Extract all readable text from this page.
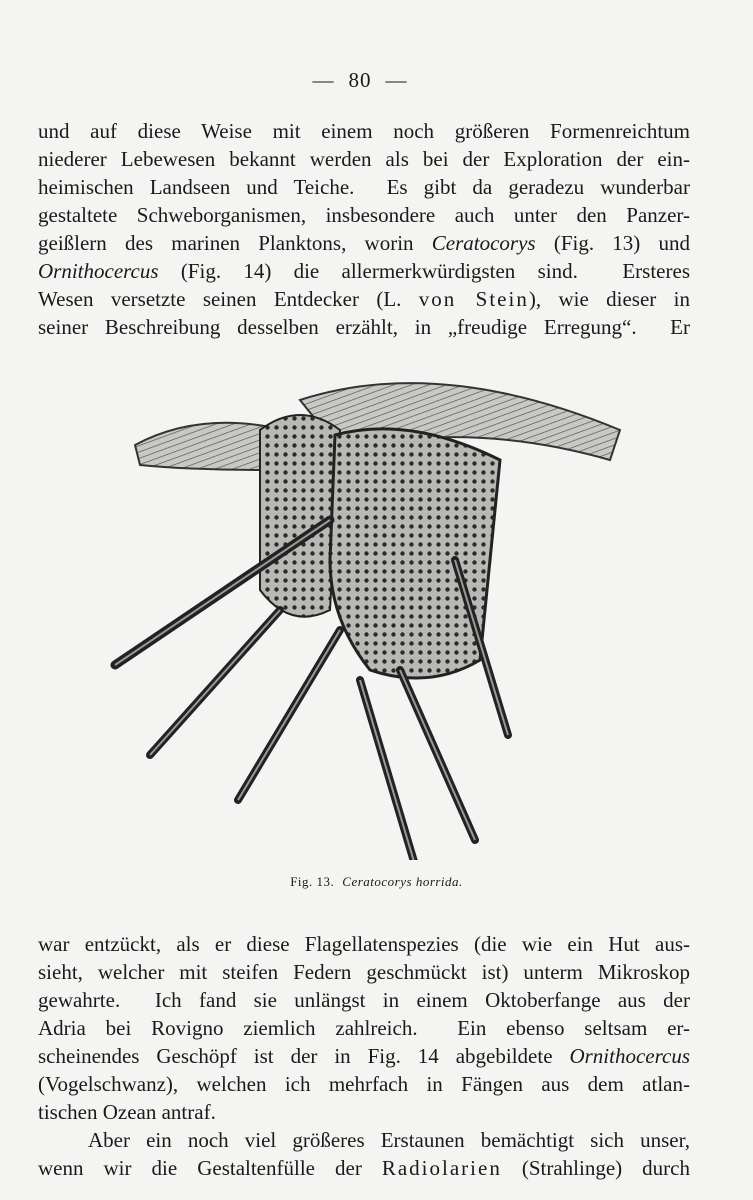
— 80 —
und auf diese Weise mit einem noch größeren Formenreichtum
niederer Lebewesen bekannt werden als bei der Exploration der ein-
heimischen Landseen und Teiche.  Es gibt da geradezu wunderbar
gestaltete Schweborganismen, insbesondere auch unter den Panzer-
geißlern des marinen Planktons, worin Ceratocorys (Fig. 13) und
Ornithocercus (Fig. 14) die allermerkwürdigsten sind.  Ersteres
Wesen versetzte seinen Entdecker (L. von Stein), wie dieser in
seiner Beschreibung desselben erzählt, in „freudige Erregung“.  Er
Fig. 13. Ceratocorys horrida.
war entzückt, als er diese Flagellatenspezies (die wie ein Hut aus-
sieht, welcher mit steifen Federn geschmückt ist) unterm Mikroskop
gewahrte.  Ich fand sie unlängst in einem Oktoberfange aus der
Adria bei Rovigno ziemlich zahlreich.  Ein ebenso seltsam er-
scheinendes Geschöpf ist der in Fig. 14 abgebildete Ornithocercus
(Vogelschwanz), welchen ich mehrfach in Fängen aus dem atlan-
tischen Ozean antraf.
Aber ein noch viel größeres Erstaunen bemächtigt sich unser,
wenn wir die Gestaltenfülle der Radiolarien (Strahlinge) durch
